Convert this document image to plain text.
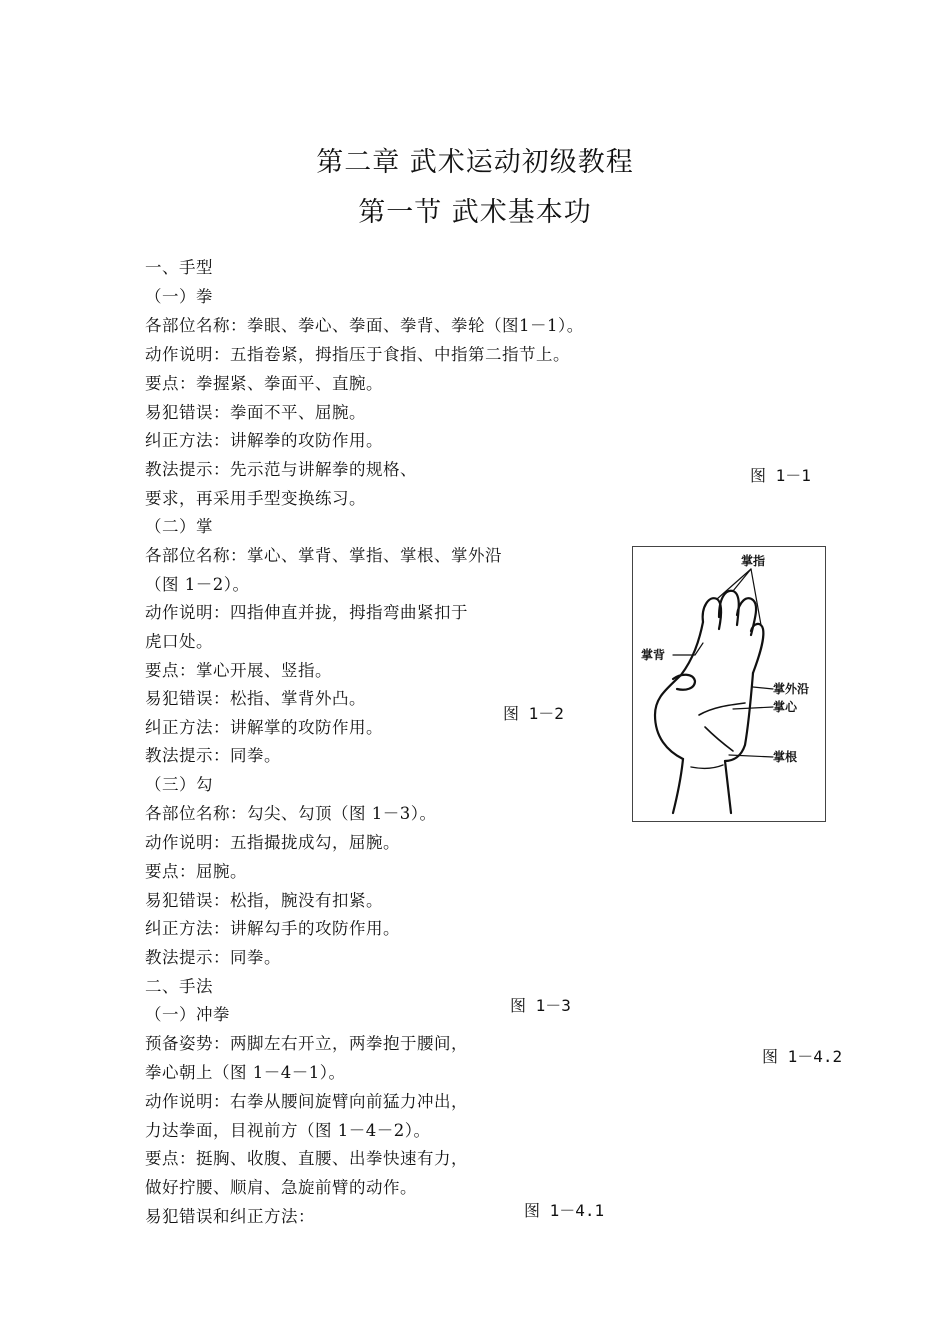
第二章 武术运动初级教程
第一节 武术基本功
一、手型
（一）拳
各部位名称：拳眼、拳心、拳面、拳背、拳轮（图1－1）。
动作说明：五指卷紧，拇指压于食指、中指第二指节上。
要点：拳握紧、拳面平、直腕。
易犯错误：拳面不平、屈腕。
纠正方法：讲解拳的攻防作用。
教法提示：先示范与讲解拳的规格、
要求，再采用手型变换练习。
（二）掌
各部位名称：掌心、掌背、掌指、掌根、掌外沿
（图 1－2）。
动作说明：四指伸直并拢，拇指弯曲紧扣于
虎口处。
要点：掌心开展、竖指。
易犯错误：松指、掌背外凸。
纠正方法：讲解掌的攻防作用。
教法提示：同拳。
（三）勾
各部位名称：勾尖、勾顶（图 1－3）。
动作说明：五指撮拢成勾，屈腕。
要点：屈腕。
易犯错误：松指，腕没有扣紧。
纠正方法：讲解勾手的攻防作用。
教法提示：同拳。
二、手法
（一）冲拳
预备姿势：两脚左右开立，两拳抱于腰间，
拳心朝上（图 1－4－1）。
动作说明：右拳从腰间旋臂向前猛力冲出，
力达拳面，目视前方（图 1－4－2）。
要点：挺胸、收腹、直腰、出拳快速有力，
做好拧腰、顺肩、急旋前臂的动作。
易犯错误和纠正方法：
图 1－1
图 1－2
图 1－3
图 1－4.2
图 1－4.1
掌指
掌背
掌外沿
掌心
掌根
